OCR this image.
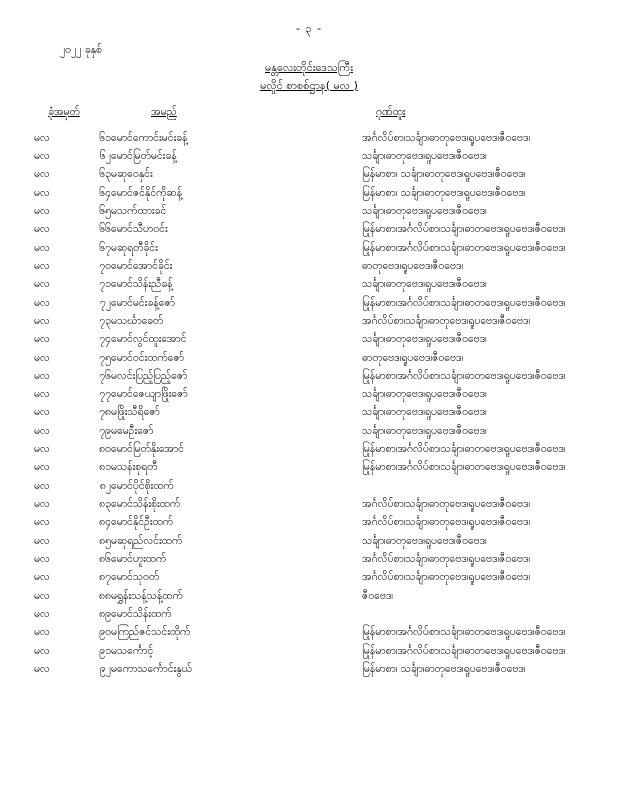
- ၃ -
၂၀၂၂ ခုနှစ်
မန္တလေးတိုင်းဒေသကြီး
မလှိုင် စာစစ်ဌာန( မလ )
ခုံအမှတ်		အမည်	ဂုဏ်ထူး
မလ	၆၁	မောင်ကောင်းမင်းခန့်	အင်္ဂလိပ်စာ၊သင်္ချာ၊ဓာတုဗေဒ၊ရူပဗေဒ၊ဇီဝဗေဒ၊
မလ	၆၂	မောင်မြတ်မင်းခန့်	သင်္ချာ၊ဓာတုဗေဒ၊ရူပဗေဒ၊ဇီဝဗေဒ၊
မလ	၆၃	မဆုဝေနှင်း	မြန်မာစာ၊ သင်္ချာ၊ဓာတုဗေဒ၊ရူပဗေဒ၊ဇီဝဗေဒ၊
မလ	၆၄	မောင်ဇင်နိုင်ကိုဆန့်	မြန်မာစာ၊ သင်္ချာ၊ဓာတုဗေဒ၊ရူပဗေဒ၊ဇီဝဗေဒ၊
မလ	၆၅	မသက်ထားခင်	သင်္ချာ၊ဓာတုဗေဒ၊ရူပဗေဒ၊ဇီဝဗေဒ၊
မလ	၆၆	မောင်သီဟဝင်း	မြန်မာစာ၊အင်္ဂလိပ်စာ၊သင်္ချာ၊ဓာတုဗေဒ၊ရူပဗေဒ၊ဇီဝဗေဒ၊
မလ	၆၇	မဆုရတီခိုင်း	မြန်မာစာ၊အင်္ဂလိပ်စာ၊သင်္ချာ၊ဓာတုဗေဒ၊ရူပဗေဒ၊ဇီဝဗေဒ၊
မလ	၇၀	မောင်အောင်ခိုင်း	ဓာတုဗေဒ၊ရူပဗေဒ၊ဇီဝဗေဒ၊
မလ	၇၁	မောင်သိန်းညီခန့်	သင်္ချာ၊ဓာတုဗေဒ၊ရူပဗေဒ၊ဇီဝဗေဒ၊
မလ	၇၂	မောင်မင်းခန့်ဇော်	မြန်မာစာ၊အင်္ဂလိပ်စာ၊သင်္ချာ၊ဓာတုဗေဒ၊ရူပဗေဒ၊ဇီဝဗေဒ၊
မလ	၇၃	မသင်္ဃာခေတ်	အင်္ဂလိပ်စာ၊သင်္ချာ၊ဓာတုဗေဒ၊ရူပဗေဒ၊ဇီဝဗေဒ၊
မလ	၇၄	မောင်လွင်ထူးအောင်	သင်္ချာ၊ဓာတုဗေဒ၊ရူပဗေဒ၊ဇီဝဗေဒ၊
မလ	၇၅	မောင်ဝင်းထက်ဇော်	ဓာတုဗေဒ၊ရူပဗေဒ၊ဇီဝဗေဒ၊
မလ	၇၆	မလင်းပြည့်ပြည့်ဇော်	မြန်မာစာ၊အင်္ဂလိပ်စာ၊သင်္ချာ၊ဓာတုဗေဒ၊ရူပဗေဒ၊ဇီဝဗေဒ၊
မလ	၇၇	မောင်ဇေယျာဖြိုးဇော်	သင်္ချာ၊ဓာတုဗေဒ၊ရူပဗေဒ၊ဇီဝဗေဒ၊
မလ	၇၈	မဖြိုးသီရိဇော်	သင်္ချာ၊ဓာတုဗေဒ၊ရူပဗေဒ၊ဇီဝဗေဒ၊
မလ	၇၉	မမေဦးဇော်	သင်္ချာ၊ဓာတုဗေဒ၊ရူပဗေဒ၊ဇီဝဗေဒ၊
မလ	၈၀	မောင်မြတ်နိုးအောင်	မြန်မာစာ၊အင်္ဂလိပ်စာ၊သင်္ချာ၊ဓာတုဗေဒ၊ရူပဗေဒ၊ဇီဝဗေဒ၊
မလ	၈၁	မသန်းစုရတီ	မြန်မာစာ၊အင်္ဂလိပ်စာ၊သင်္ချာ၊ဓာတုဗေဒ၊ရူပဗေဒ၊ဇီဝဗေဒ၊
မလ	၈၂	မောင်ပိုင်စိုးထက်	
မလ	၈၃	မောင်သိန်းစိုးထက်	အင်္ဂလိပ်စာ၊သင်္ချာ၊ဓာတုဗေဒ၊ရူပဗေဒ၊ဇီဝဗေဒ၊
မလ	၈၄	မောင်နိုင်ဦးထက်	အင်္ဂလိပ်စာ၊သင်္ချာ၊ဓာတုဗေဒ၊ရူပဗေဒ၊ဇီဝဗေဒ၊
မလ	၈၅	မဆုရည်လင်းထက်	သင်္ချာ၊ဓာတုဗေဒ၊ရူပဗေဒ၊ဇီဝဗေဒ၊
မလ	၈၆	မောင်ဟူးထက်	အင်္ဂလိပ်စာ၊သင်္ချာ၊ဓာတုဗေဒ၊ရူပဗေဒ၊ဇီဝဗေဒ၊
မလ	၈၇	မောင်သုဝတ်	အင်္ဂလိပ်စာ၊သင်္ချာ၊ဓာတုဗေဒ၊ရူပဗေဒ၊ဇီဝဗေဒ၊
မလ	၈၈	မရွှန်းသန့်သန့်ထက်	ဇီဝဗေဒ၊
မလ	၈၉	မောင်သိန်းထက်	
မလ	၉၀	မကြည်ဇင်သင်းထိုက်	မြန်မာစာ၊အင်္ဂလိပ်စာ၊သင်္ချာ၊ဓာတုဗေဒ၊ရူပဗေဒ၊ဇီဝဗေဒ၊
မလ	၉၁	မသင်္ကောင့်	မြန်မာစာ၊အင်္ဂလိပ်စာ၊သင်္ချာ၊ဓာတုဗေဒ၊ရူပဗေဒ၊ဇီဝဗေဒ၊
မလ	၉၂	မကောသင်္ကောင်းနွယ်	မြန်မာစာ၊ သင်္ချာ၊ဓာတုဗေဒ၊ရူပဗေဒ၊ဇီဝဗေဒ၊
